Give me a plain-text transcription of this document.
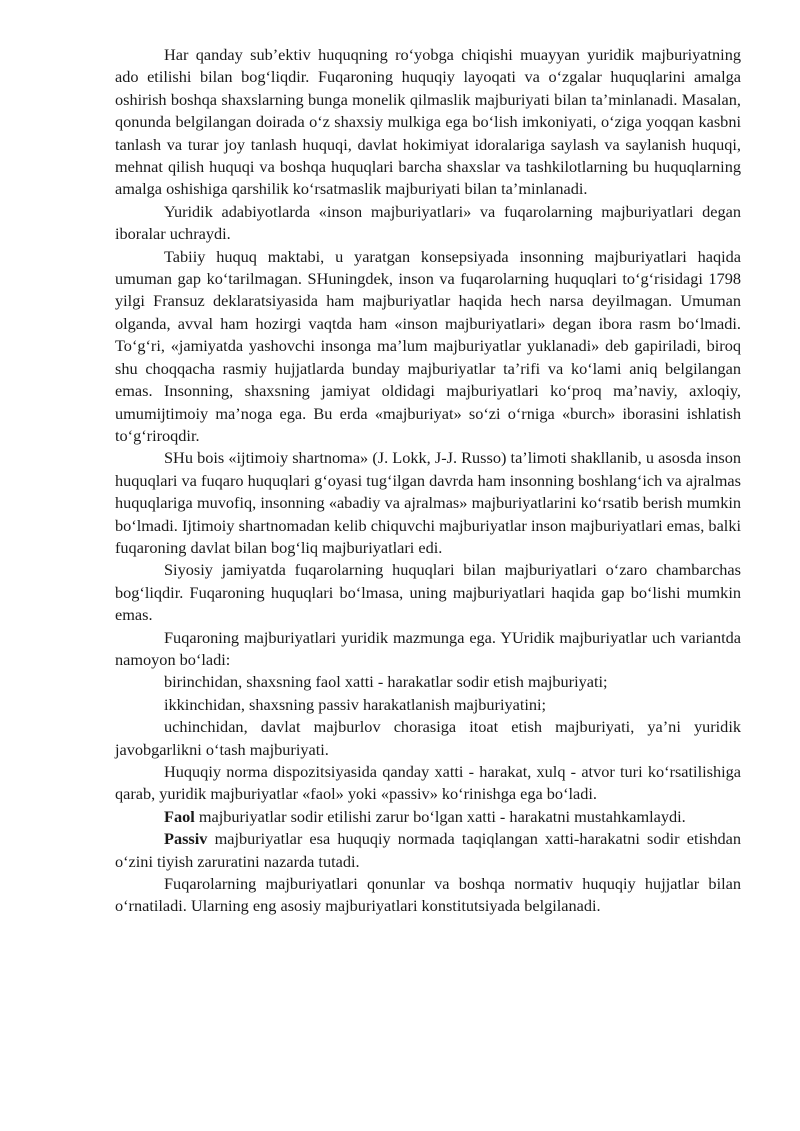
Har qanday sub’ektiv huquqning ro‘yobga chiqishi muayyan yuridik majburiyatning ado etilishi bilan bog‘liqdir. Fuqaroning huquqiy layoqati va o‘zgalar huquqlarini amalga oshirish boshqa shaxslarning bunga monelik qilmaslik majburiyati bilan ta’minlanadi. Masalan, qonunda belgilangan doirada o‘z shaxsiy mulkiga ega bo‘lish imkoniyati, o‘ziga yoqqan kasbni tanlash va turar joy tanlash huquqi, davlat hokimiyat idoralariga saylash va saylanish huquqi, mehnat qilish huquqi va boshqa huquqlari barcha shaxslar va tashkilotlarning bu huquqlarning amalga oshishiga qarshilik ko‘rsatmaslik majburiyati bilan ta’minlanadi.

Yuridik adabiyotlarda «inson majburiyatlari» va fuqarolarning majburiyatlari degan iboralar uchraydi.

Tabiiy huquq maktabi, u yaratgan konsepsiyada insonning majburiyatlari haqida umuman gap ko‘tarilmagan. SHuningdek, inson va fuqarolarning huquqlari to‘g‘risidagi 1798 yilgi Fransuz deklaratsiyasida ham majburiyatlar haqida hech narsa deyilmagan. Umuman olganda, avval ham hozirgi vaqtda ham «inson majburiyatlari» degan ibora rasm bo‘lmadi. To‘g‘ri, «jamiyatda yashovchi insonga ma’lum majburiyatlar yuklanadi» deb gapiriladi, biroq shu choqqacha rasmiy hujjatlarda bunday majburiyatlar ta’rifi va ko‘lami aniq belgilangan emas. Insonning, shaxsning jamiyat oldidagi majburiyatlari ko‘proq ma’naviy, axloqiy, umumijtimoiy ma’noga ega. Bu erda «majburiyat» so‘zi o‘rniga «burch» iborasini ishlatish to‘g‘riroqdir.

SHu bois «ijtimoiy shartnoma» (J. Lokk, J-J. Russo) ta’limoti shakllanib, u asosda inson huquqlari va fuqaro huquqlari g‘oyasi tug‘ilgan davrda ham insonning boshlang‘ich va ajralmas huquqlariga muvofiq, insonning «abadiy va ajralmas» majburiyatlarini ko‘rsatib berish mumkin bo‘lmadi. Ijtimoiy shartnomadan kelib chiquvchi majburiyatlar inson majburiyatlari emas, balki fuqaroning davlat bilan bog‘liq majburiyatlari edi.

Siyosiy jamiyatda fuqarolarning huquqlari bilan majburiyatlari o‘zaro chambarchas bog‘liqdir. Fuqaroning huquqlari bo‘lmasa, uning majburiyatlari haqida gap bo‘lishi mumkin emas.

Fuqaroning majburiyatlari yuridik mazmunga ega. YUridik majburiyatlar uch variantda namoyon bo‘ladi:

birinchidan, shaxsning faol xatti - harakatlar sodir etish majburiyati;

ikkinchidan, shaxsning passiv harakatlanish majburiyatini;

uchinchidan, davlat majburlov chorasiga itoat etish majburiyati, ya’ni yuridik javobgarlikni o‘tash majburiyati.

Huquqiy norma dispozitsiyasida qanday xatti - harakat, xulq - atvor turi ko‘rsatilishiga qarab, yuridik majburiyatlar «faol» yoki «passiv» ko‘rinishga ega bo‘ladi.

Faol majburiyatlar sodir etilishi zarur bo‘lgan xatti - harakatni mustahkamlaydi.

Passiv majburiyatlar esa huquqiy normada taqiqlangan xatti-harakatni sodir etishdan o‘zini tiyish zaruratini nazarda tutadi.

Fuqarolarning majburiyatlari qonunlar va boshqa normativ huquqiy hujjatlar bilan o‘rnatiladi. Ularning eng asosiy majburiyatlari konstitutsiyada belgilanadi.
